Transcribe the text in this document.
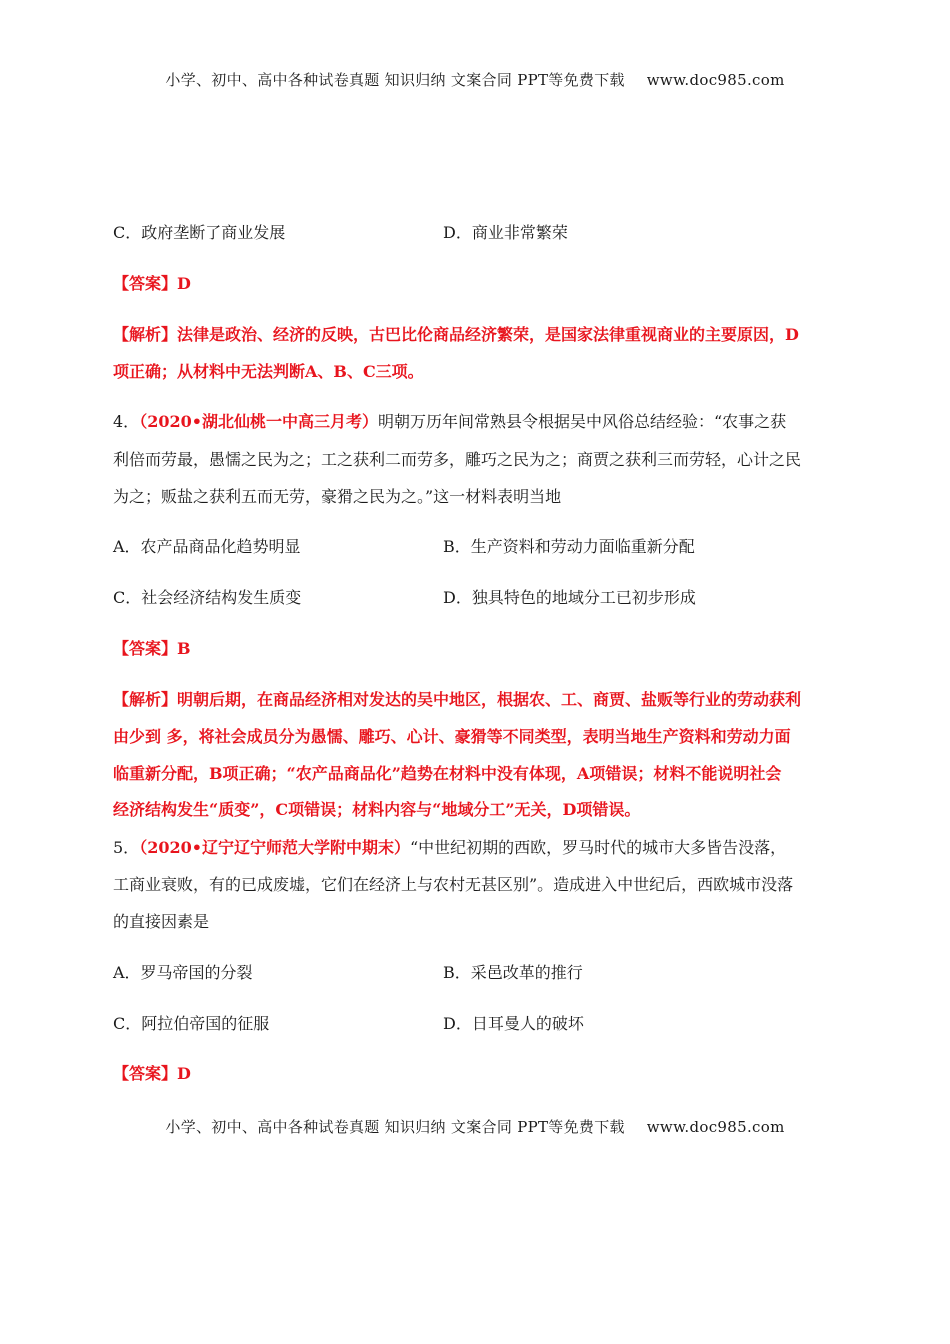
小学、初中、高中各种试卷真题 知识归纳 文案合同 PPT等免费下载 www.doc985.com
C．政府垄断了商业发展	D．商业非常繁荣
【答案】D
【解析】法律是政治、经济的反映，古巴比伦商品经济繁荣，是国家法律重视商业的主要原因，D
项正确；从材料中无法判断A、B、C三项。
4．（2020•湖北仙桃一中高三月考）明朝万历年间常熟县令根据吴中风俗总结经验：“农事之获
利倍而劳最，愚懦之民为之；工之获利二而劳多，雕巧之民为之；商贾之获利三而劳轻，心计之民
为之；贩盐之获利五而无劳，豪猾之民为之。”这一材料表明当地
A．农产品商品化趋势明显	B．生产资料和劳动力面临重新分配
C．社会经济结构发生质变	D．独具特色的地域分工已初步形成
【答案】B
【解析】明朝后期，在商品经济相对发达的吴中地区，根据农、工、商贾、盐贩等行业的劳动获利
由少到 多，将社会成员分为愚懦、雕巧、心计、豪猾等不同类型，表明当地生产资料和劳动力面
临重新分配，B项正确；“农产品商品化”趋势在材料中没有体现，A项错误；材料不能说明社会
经济结构发生“质变”，C项错误；材料内容与“地域分工”无关，D项错误。
5．（2020•辽宁辽宁师范大学附中期末）“中世纪初期的西欧，罗马时代的城市大多皆告没落，
工商业衰败，有的已成废墟，它们在经济上与农村无甚区别”。造成进入中世纪后，西欧城市没落
的直接因素是
A．罗马帝国的分裂	B．采邑改革的推行
C．阿拉伯帝国的征服	D．日耳曼人的破坏
【答案】D
小学、初中、高中各种试卷真题 知识归纳 文案合同 PPT等免费下载 www.doc985.com
